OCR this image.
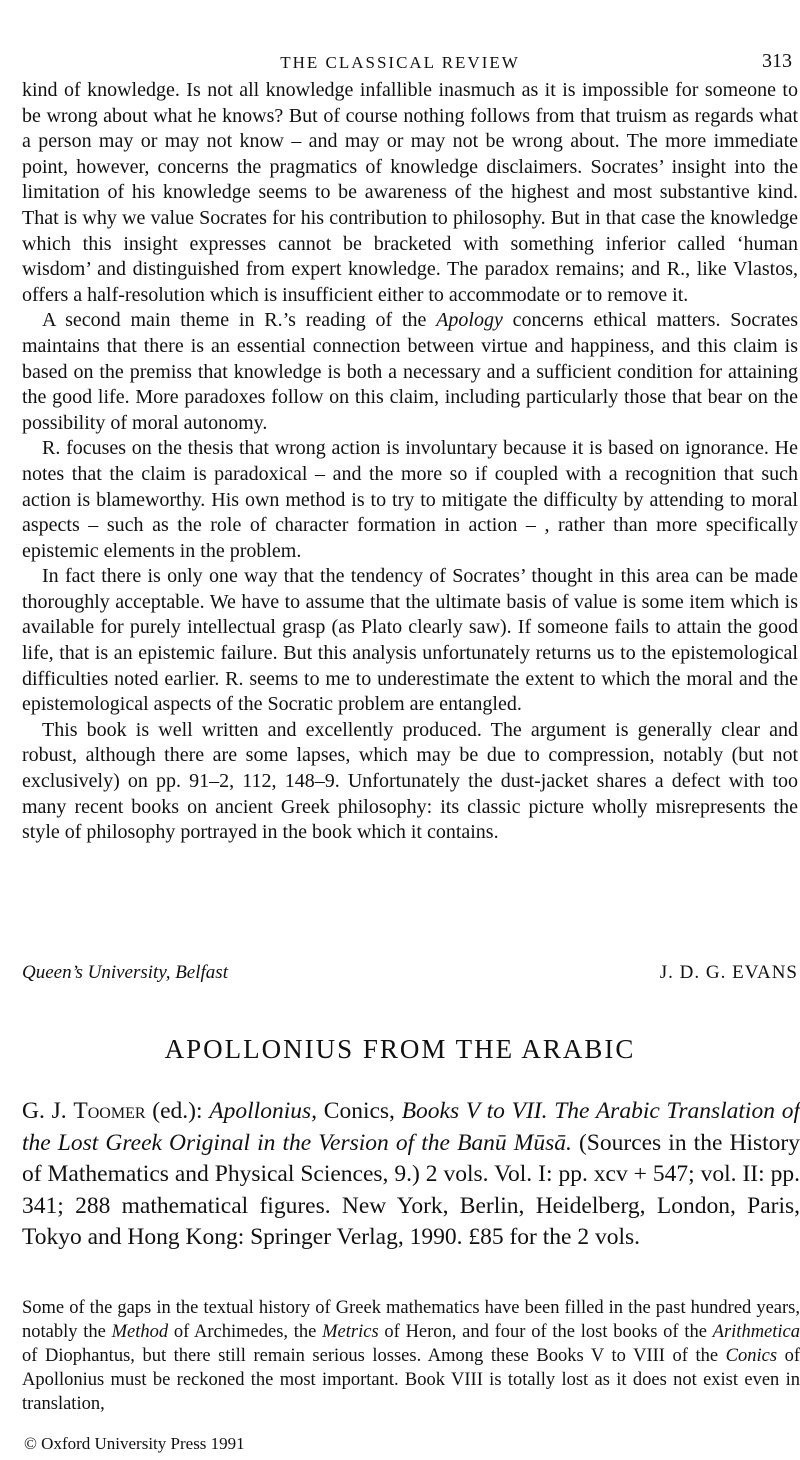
THE CLASSICAL REVIEW	313

kind of knowledge. Is not all knowledge infallible inasmuch as it is impossible for someone to be wrong about what he knows? But of course nothing follows from that truism as regards what a person may or may not know – and may or may not be wrong about. The more immediate point, however, concerns the pragmatics of knowledge disclaimers. Socrates’ insight into the limitation of his knowledge seems to be awareness of the highest and most substantive kind. That is why we value Socrates for his contribution to philosophy. But in that case the knowledge which this insight expresses cannot be bracketed with something inferior called ‘human wisdom’ and distinguished from expert knowledge. The paradox remains; and R., like Vlastos, offers a half-resolution which is insufficient either to accommodate or to remove it.

A second main theme in R.’s reading of the Apology concerns ethical matters. Socrates maintains that there is an essential connection between virtue and happiness, and this claim is based on the premiss that knowledge is both a necessary and a sufficient condition for attaining the good life. More paradoxes follow on this claim, including particularly those that bear on the possibility of moral autonomy.

R. focuses on the thesis that wrong action is involuntary because it is based on ignorance. He notes that the claim is paradoxical – and the more so if coupled with a recognition that such action is blameworthy. His own method is to try to mitigate the difficulty by attending to moral aspects – such as the role of character formation in action – , rather than more specifically epistemic elements in the problem.

In fact there is only one way that the tendency of Socrates’ thought in this area can be made thoroughly acceptable. We have to assume that the ultimate basis of value is some item which is available for purely intellectual grasp (as Plato clearly saw). If someone fails to attain the good life, that is an epistemic failure. But this analysis unfortunately returns us to the epistemological difficulties noted earlier. R. seems to me to underestimate the extent to which the moral and the epistemological aspects of the Socratic problem are entangled.

This book is well written and excellently produced. The argument is generally clear and robust, although there are some lapses, which may be due to compression, notably (but not exclusively) on pp. 91–2, 112, 148–9. Unfortunately the dust-jacket shares a defect with too many recent books on ancient Greek philosophy: its classic picture wholly misrepresents the style of philosophy portrayed in the book which it contains.

Queen’s University, Belfast	J. D. G. EVANS
APOLLONIUS FROM THE ARABIC
G. J. Toomer (ed.): Apollonius, Conics, Books V to VII. The Arabic Translation of the Lost Greek Original in the Version of the Banū Mūsā. (Sources in the History of Mathematics and Physical Sciences, 9.) 2 vols. Vol. I: pp. xcv + 547; vol. II: pp. 341; 288 mathematical figures. New York, Berlin, Heidelberg, London, Paris, Tokyo and Hong Kong: Springer Verlag, 1990. £85 for the 2 vols.

Some of the gaps in the textual history of Greek mathematics have been filled in the past hundred years, notably the Method of Archimedes, the Metrics of Heron, and four of the lost books of the Arithmetica of Diophantus, but there still remain serious losses. Among these Books V to VIII of the Conics of Apollonius must be reckoned the most important. Book VIII is totally lost as it does not exist even in translation,

© Oxford University Press 1991
